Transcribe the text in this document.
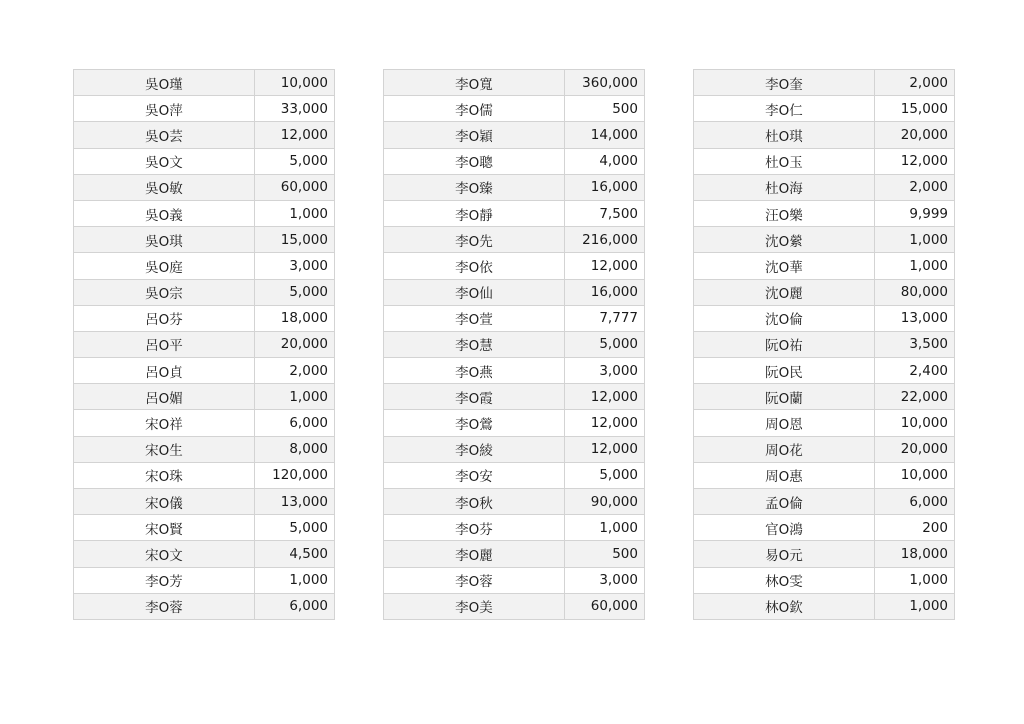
吳O瑾	10,000
吳O萍	33,000
吳O芸	12,000
吳O文	5,000
吳O敏	60,000
吳O義	1,000
吳O琪	15,000
吳O庭	3,000
吳O宗	5,000
呂O芬	18,000
呂O平	20,000
呂O貞	2,000
呂O媚	1,000
宋O祥	6,000
宋O生	8,000
宋O珠	120,000
宋O儀	13,000
宋O賢	5,000
宋O文	4,500
李O芳	1,000
李O蓉	6,000
李O寬	360,000
李O儒	500
李O穎	14,000
李O聰	4,000
李O臻	16,000
李O靜	7,500
李O先	216,000
李O依	12,000
李O仙	16,000
李O萱	7,777
李O慧	5,000
李O燕	3,000
李O霞	12,000
李O鶯	12,000
李O綾	12,000
李O安	5,000
李O秋	90,000
李O芬	1,000
李O麗	500
李O蓉	3,000
李O美	60,000
李O奎	2,000
李O仁	15,000
杜O琪	20,000
杜O玉	12,000
杜O海	2,000
汪O樂	9,999
沈O縈	1,000
沈O華	1,000
沈O麗	80,000
沈O倫	13,000
阮O祐	3,500
阮O民	2,400
阮O蘭	22,000
周O恩	10,000
周O花	20,000
周O惠	10,000
孟O倫	6,000
官O鴻	200
易O元	18,000
林O雯	1,000
林O欽	1,000
